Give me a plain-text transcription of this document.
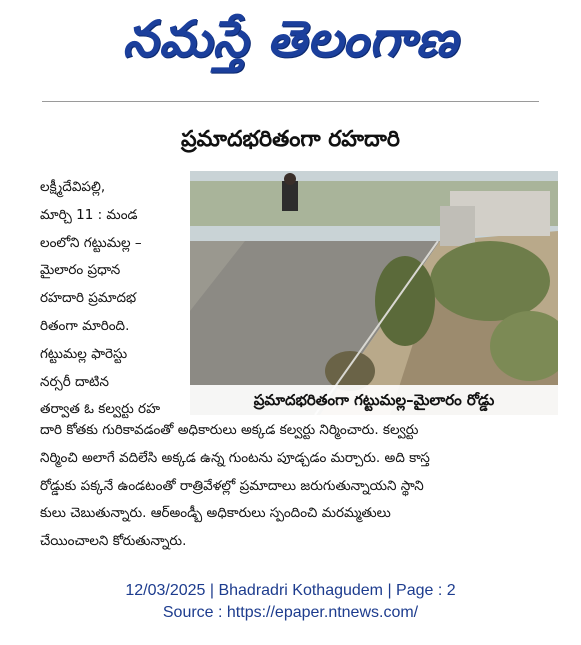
నమస్తే తెలంగాణ
ప్రమాదభరితంగా రహదారి
లక్ష్మీదేవిపల్లి,
మార్చి 11 : మండ
లంలోని గట్టుమల్ల –
మైలారం ప్రధాన
రహదారి ప్రమాదభ
రితంగా మారింది.
గట్టుమల్ల ఫారెస్టు
నర్సరీ దాటిన
తర్వాత ఓ కల్వర్టు రహ
ప్రమాదభరితంగా గట్టుమల్ల–మైలారం రోడ్డు
దారి కోతకు గురికావడంతో అధికారులు అక్కడ కల్వర్టు నిర్మించారు. కల్వర్టు
నిర్మించి అలాగే వదిలేసి అక్కడ ఉన్న గుంటను పూడ్చడం మర్చారు. అది కాస్త
రోడ్డుకు పక్కనే ఉండటంతో రాత్రివేళల్లో ప్రమాదాలు జరుగుతున్నాయని స్థాని
కులు చెబుతున్నారు. ఆర్అండ్బీ అధికారులు స్పందించి మరమ్మతులు
చేయించాలని కోరుతున్నారు.
12/03/2025 | Bhadradri Kothagudem | Page : 2
Source : https://epaper.ntnews.com/
